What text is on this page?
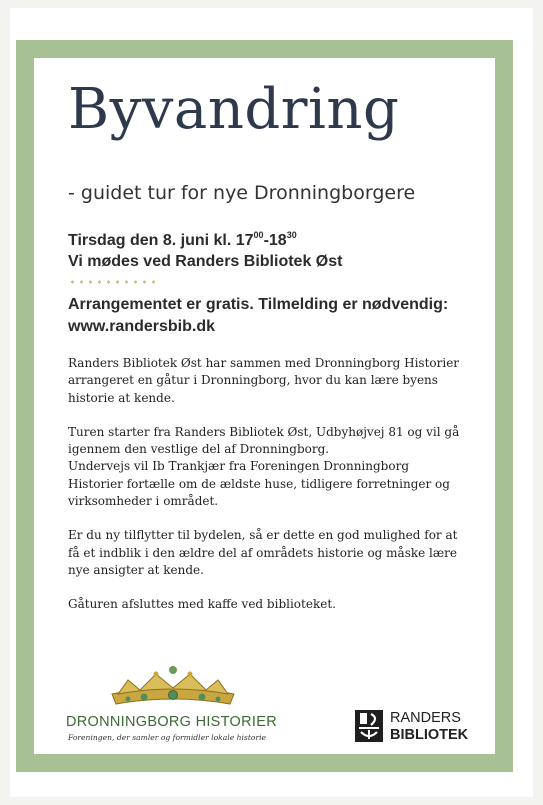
Byvandring
- guidet tur for nye Dronningborgere
Tirsdag den 8. juni kl. $17^{00}-18^{30}$
Vi mødes ved Randers Bibliotek Øst
Arrangementet er gratis. Tilmelding er nødvendig:
www.randersbib.dk

Randers Bibliotek Øst har sammen med Dronningborg Historier
arrangeret en gåtur i Dronningborg, hvor du kan lære byens
historie at kende.

Turen starter fra Randers Bibliotek Øst, Udbyhøjvej 81 og vil gå
igennem den vestlige del af Dronningborg.
Undervejs vil Ib Trankjær fra Foreningen Dronningborg
Historier fortælle om de ældste huse, tidligere forretninger og
virksomheder i området.

Er du ny tilflytter til bydelen, så er dette en god mulighed for at
få et indblik i den ældre del af områdets historie og måske lære
nye ansigter at kende.

Gåturen afsluttes med kaffe ved biblioteket.

DRONNINGBORG HISTORIER
Foreningen, der samler og formidler lokale historie
RANDERS
BIBLIOTEK
